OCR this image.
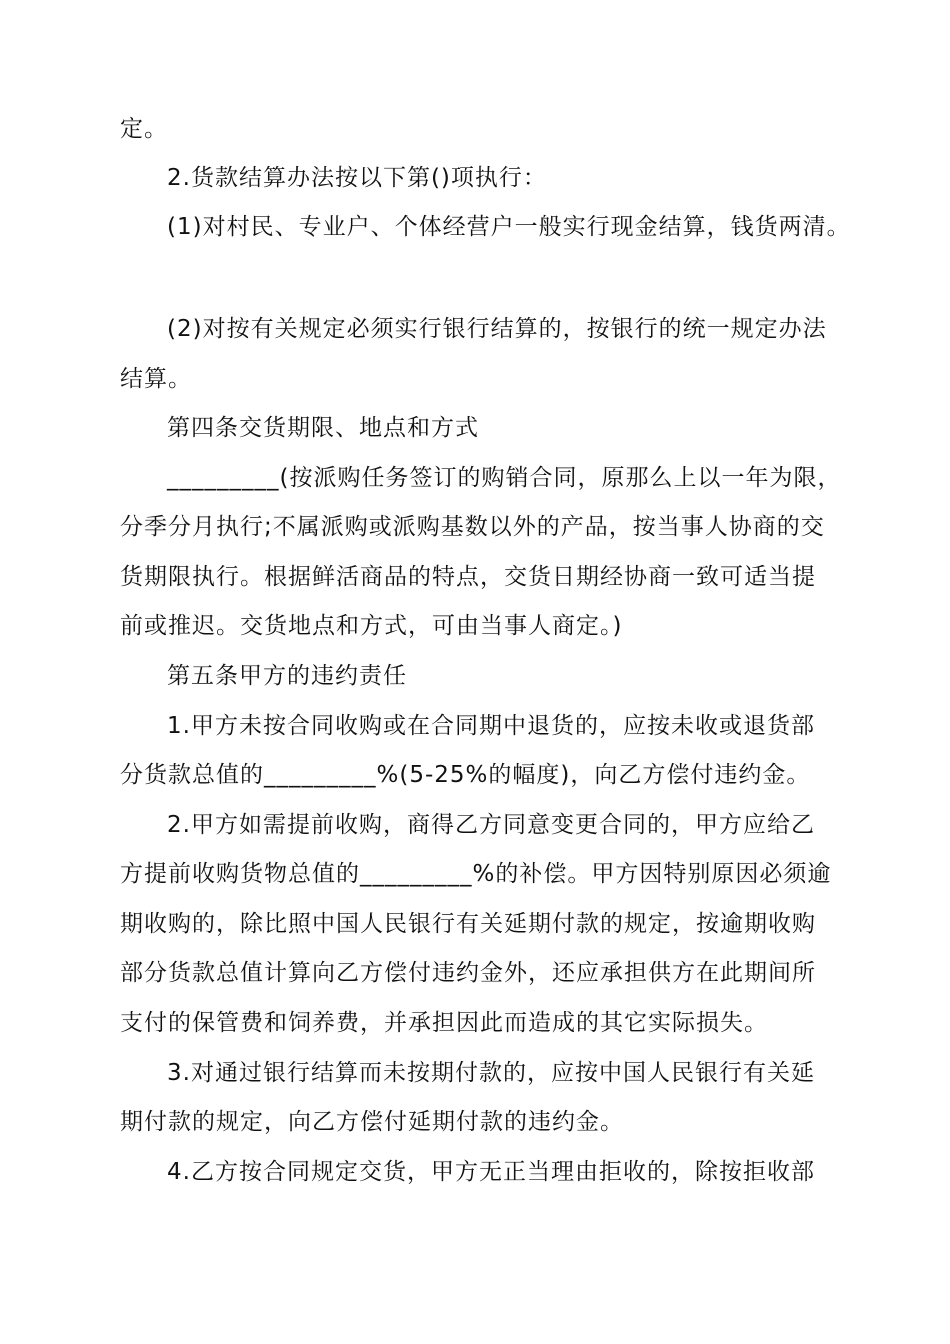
定。
2.货款结算办法按以下第()项执行：
(1)对村民、专业户、个体经营户一般实行现金结算，钱货两清。
(2)对按有关规定必须实行银行结算的，按银行的统一规定办法
结算。
第四条交货期限、地点和方式
_________(按派购任务签订的购销合同，原那么上以一年为限，
分季分月执行;不属派购或派购基数以外的产品，按当事人协商的交
货期限执行。根据鲜活商品的特点，交货日期经协商一致可适当提
前或推迟。交货地点和方式，可由当事人商定。)
第五条甲方的违约责任
1.甲方未按合同收购或在合同期中退货的，应按未收或退货部
分货款总值的_________%(5-25%的幅度)，向乙方偿付违约金。
2.甲方如需提前收购，商得乙方同意变更合同的，甲方应给乙
方提前收购货物总值的_________%的补偿。甲方因特别原因必须逾
期收购的，除比照中国人民银行有关延期付款的规定，按逾期收购
部分货款总值计算向乙方偿付违约金外，还应承担供方在此期间所
支付的保管费和饲养费，并承担因此而造成的其它实际损失。
3.对通过银行结算而未按期付款的，应按中国人民银行有关延
期付款的规定，向乙方偿付延期付款的违约金。
4.乙方按合同规定交货，甲方无正当理由拒收的，除按拒收部
